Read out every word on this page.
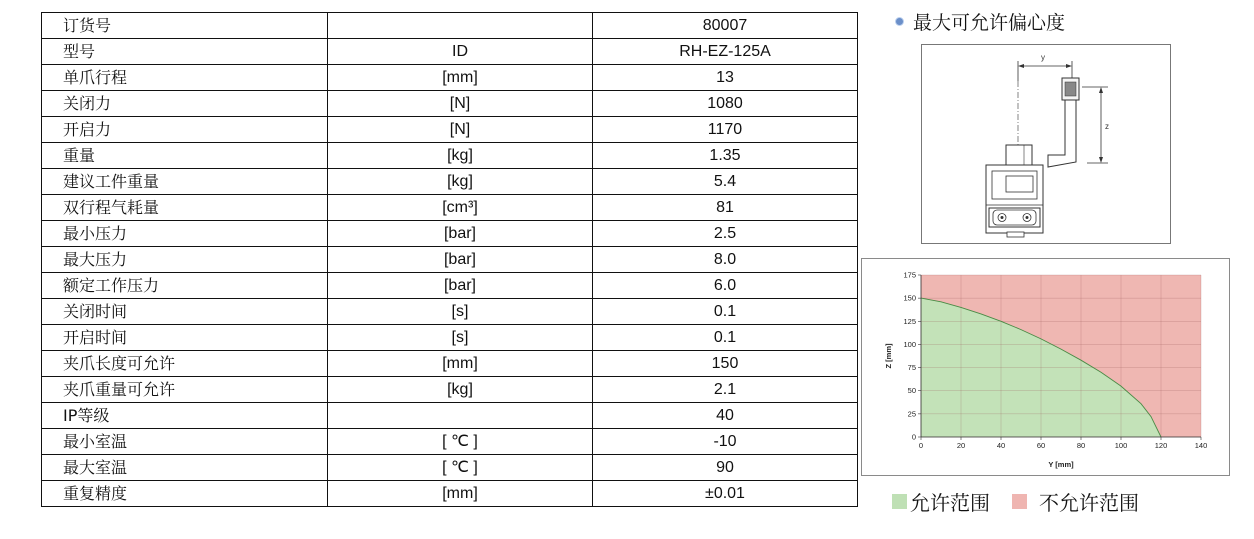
订货号		80007
型号	ID	RH-EZ-125A
单爪行程	[mm]	13
关闭力	[N]	1080
开启力	[N]	1170
重量	[kg]	1.35
建议工件重量	[kg]	5.4
双行程气耗量	[cm³]	81
最小压力	[bar]	2.5
最大压力	[bar]	8.0
额定工作压力	[bar]	6.0
关闭时间	[s]	0.1
开启时间	[s]	0.1
夹爪长度可允许	[mm]	150
夹爪重量可允许	[kg]	2.1
IP等级		40
最小室温	[ ℃ ]	-10
最大室温	[ ℃ ]	90
重复精度	[mm]	±0.01
最大可允许偏心度
y
z
0	20	40	60	80	100	120	140
0
25
50
75
100
125
150
175
Y [mm]
Z [mm]
允许范围 不允许范围
